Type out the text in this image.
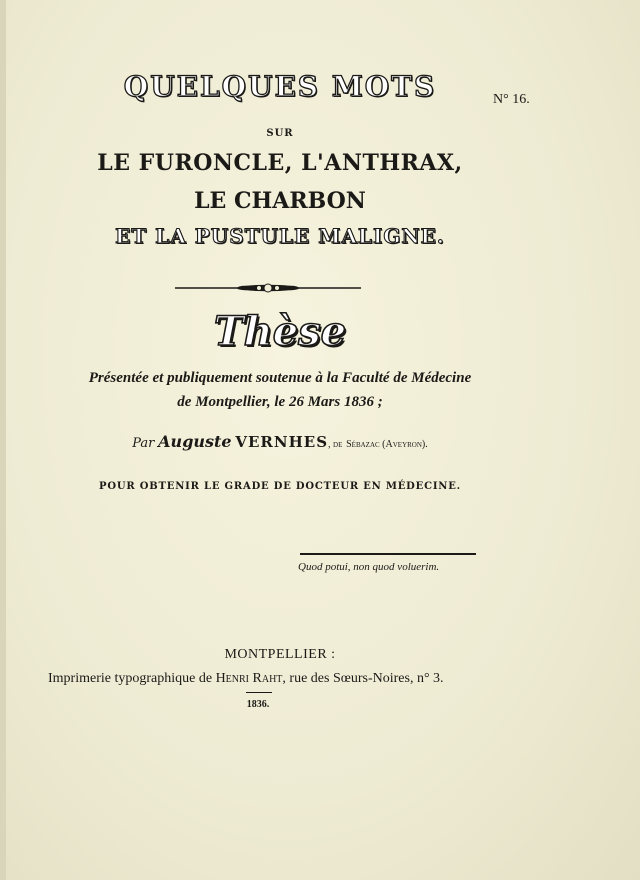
N° 16.
QUELQUES MOTS
SUR
LE FURONCLE, L'ANTHRAX,
LE CHARBON
ET LA PUSTULE MALIGNE.
Thèse
Présentée et publiquement soutenue à la Faculté de Médecine
de Montpellier, le 26 Mars 1836 ;
Par Auguste VERNHES, de Sébazac (Aveyron).
POUR OBTENIR LE GRADE DE DOCTEUR EN MÉDECINE.
Quod potui, non quod voluerim.
MONTPELLIER :
Imprimerie typographique de Henri Raht, rue des Sœurs-Noires, n° 3.
1836.
